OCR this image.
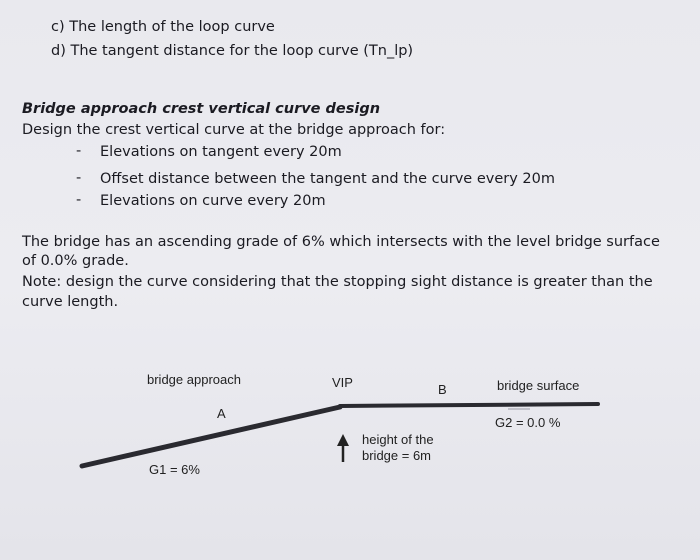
c) The length of the loop curve
d) The tangent distance for the loop curve (Tn_lp)
Bridge approach crest vertical curve design
Design the crest vertical curve at the bridge approach for:
- Elevations on tangent every 20m
- Offset distance between the tangent and the curve every 20m
- Elevations on curve every 20m
The bridge has an ascending grade of 6% which intersects with the level bridge surface
of 0.0% grade.
Note: design the curve considering that the stopping sight distance is greater than the
curve length.
bridge approach	VIP	B	bridge surface
A
G2 = 0.0 %
height of the
bridge = 6m
G1 = 6%
